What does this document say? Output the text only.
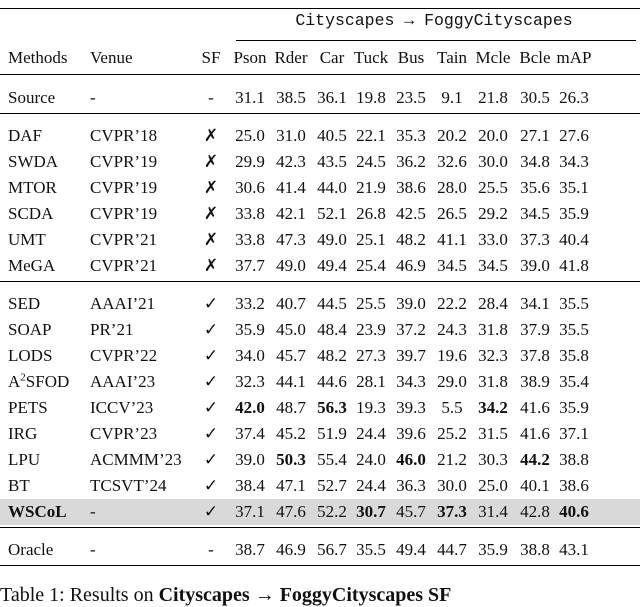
Cityscapes → FoggyCityscapes
Methods Venue	SF Pson Rder Car Tuck Bus Tain Mcle Bcle mAP
Source -	-	31.1 38.5 36.1 19.8 23.5 9.1 21.8 30.5 26.3
DAF	CVPR’18	✗	25.0 31.0 40.5 22.1 35.3 20.2 20.0 27.1 27.6
SWDA CVPR’19	✗	29.9 42.3 43.5 24.5 36.2 32.6 30.0 34.8 34.3
MTOR CVPR’19	✗	30.6 41.4 44.0 21.9 38.6 28.0 25.5 35.6 35.1
SCDA CVPR’19	✗	33.8 42.1 52.1 26.8 42.5 26.5 29.2 34.5 35.9
UMT	CVPR’21	✗	33.8 47.3 49.0 25.1 48.2 41.1 33.0 37.3 40.4
MeGA CVPR’21	✗	37.7 49.0 49.4 25.4 46.9 34.5 34.5 39.0 41.8
SED	AAAI’21	✓	33.2 40.7 44.5 25.5 39.0 22.2 28.4 34.1 35.5
SOAP PR’21	✓	35.9 45.0 48.4 23.9 37.2 24.3 31.8 37.9 35.5
LODS CVPR’22	✓	34.0 45.7 48.2 27.3 39.7 19.6 32.3 37.8 35.8
$A^2SFOD$ AAAI’23	✓	32.3 44.1 44.6 28.1 34.3 29.0 31.8 38.9 35.4
PETS ICCV’23	✓	42.0 48.7 56.3 19.3 39.3 5.5 34.2 41.6 35.9
IRG	CVPR’23	✓	37.4 45.2 51.9 24.4 39.6 25.2 31.5 41.6 37.1
LPU	ACMMM’23	✓	39.0 50.3 55.4 24.0 46.0 21.2 30.3 44.2 38.8
BT	TCSVT’24	✓	38.4 47.1 52.7 24.4 36.3 30.0 25.0 40.1 38.6
WSCoL -	✓	37.1 47.6 52.2 30.7 45.7 37.3 31.4 42.8 40.6
Oracle -	-	38.7 46.9 56.7 35.5 49.4 44.7 35.9 38.8 43.1
Table 1: Results on Cityscapes → FoggyCityscapes SF
